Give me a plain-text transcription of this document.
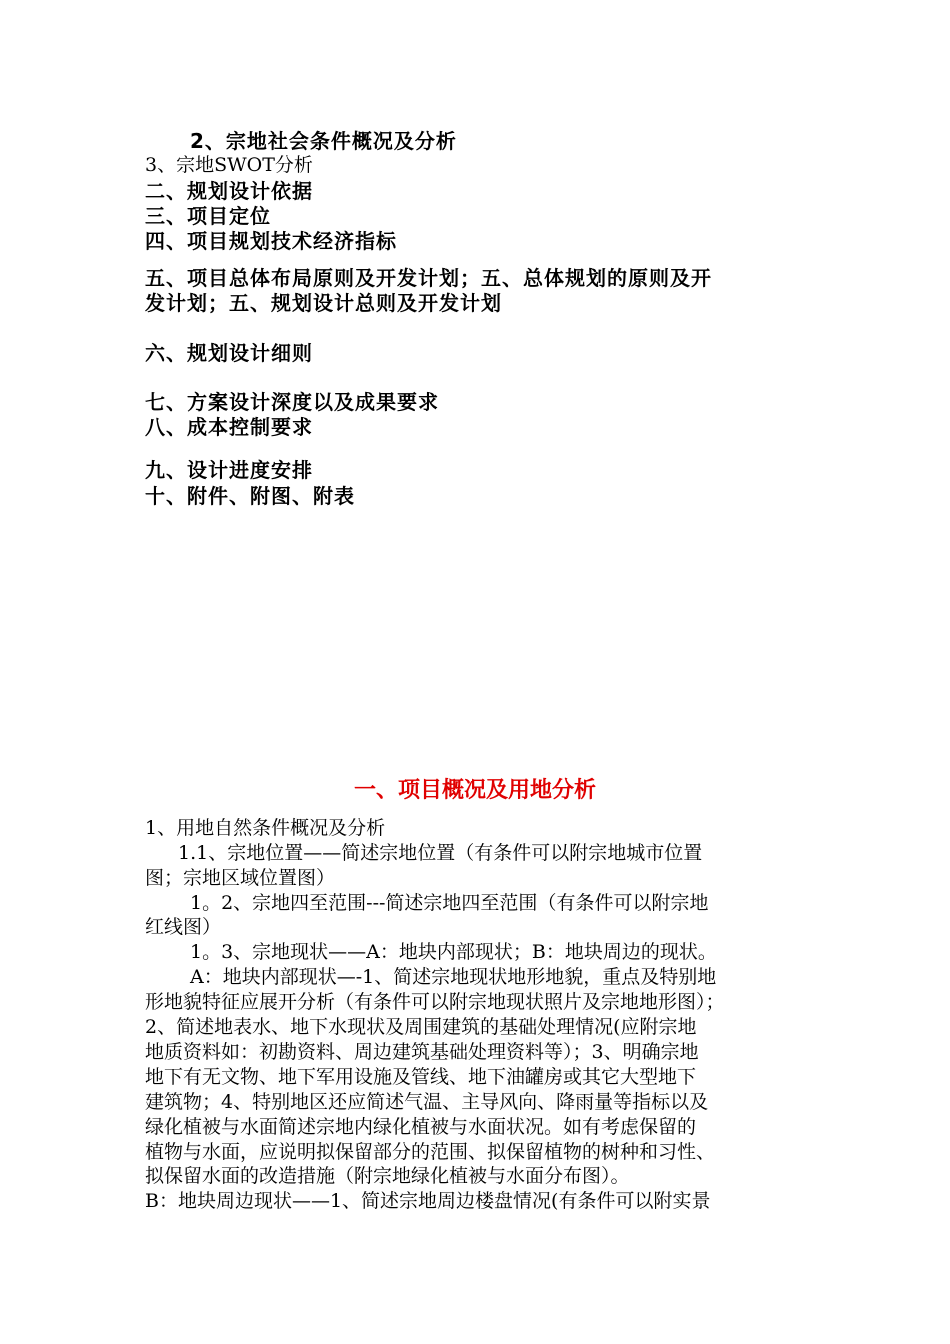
2、宗地社会条件概况及分析
3、宗地SWOT分析
二、规划设计依据
三、项目定位
四、项目规划技术经济指标
五、项目总体布局原则及开发计划；五、总体规划的原则及开
发计划；五、规划设计总则及开发计划
六、规划设计细则
七、方案设计深度以及成果要求
八、成本控制要求
九、设计进度安排
十、附件、附图、附表
一、项目概况及用地分析
1、用地自然条件概况及分析
1.1、宗地位置——简述宗地位置（有条件可以附宗地城市位置
图；宗地区域位置图）
1。2、宗地四至范围---简述宗地四至范围（有条件可以附宗地
红线图）
1。3、宗地现状——A：地块内部现状；B：地块周边的现状。
A：地块内部现状—-1、简述宗地现状地形地貌，重点及特别地
形地貌特征应展开分析（有条件可以附宗地现状照片及宗地地形图）；
2、简述地表水、地下水现状及周围建筑的基础处理情况(应附宗地
地质资料如：初勘资料、周边建筑基础处理资料等）；3、明确宗地
地下有无文物、地下军用设施及管线、地下油罐房或其它大型地下
建筑物；4、特别地区还应简述气温、主导风向、降雨量等指标以及
绿化植被与水面简述宗地内绿化植被与水面状况。如有考虑保留的
植物与水面，应说明拟保留部分的范围、拟保留植物的树种和习性、
拟保留水面的改造措施（附宗地绿化植被与水面分布图）。
B：地块周边现状——1、简述宗地周边楼盘情况(有条件可以附实景
